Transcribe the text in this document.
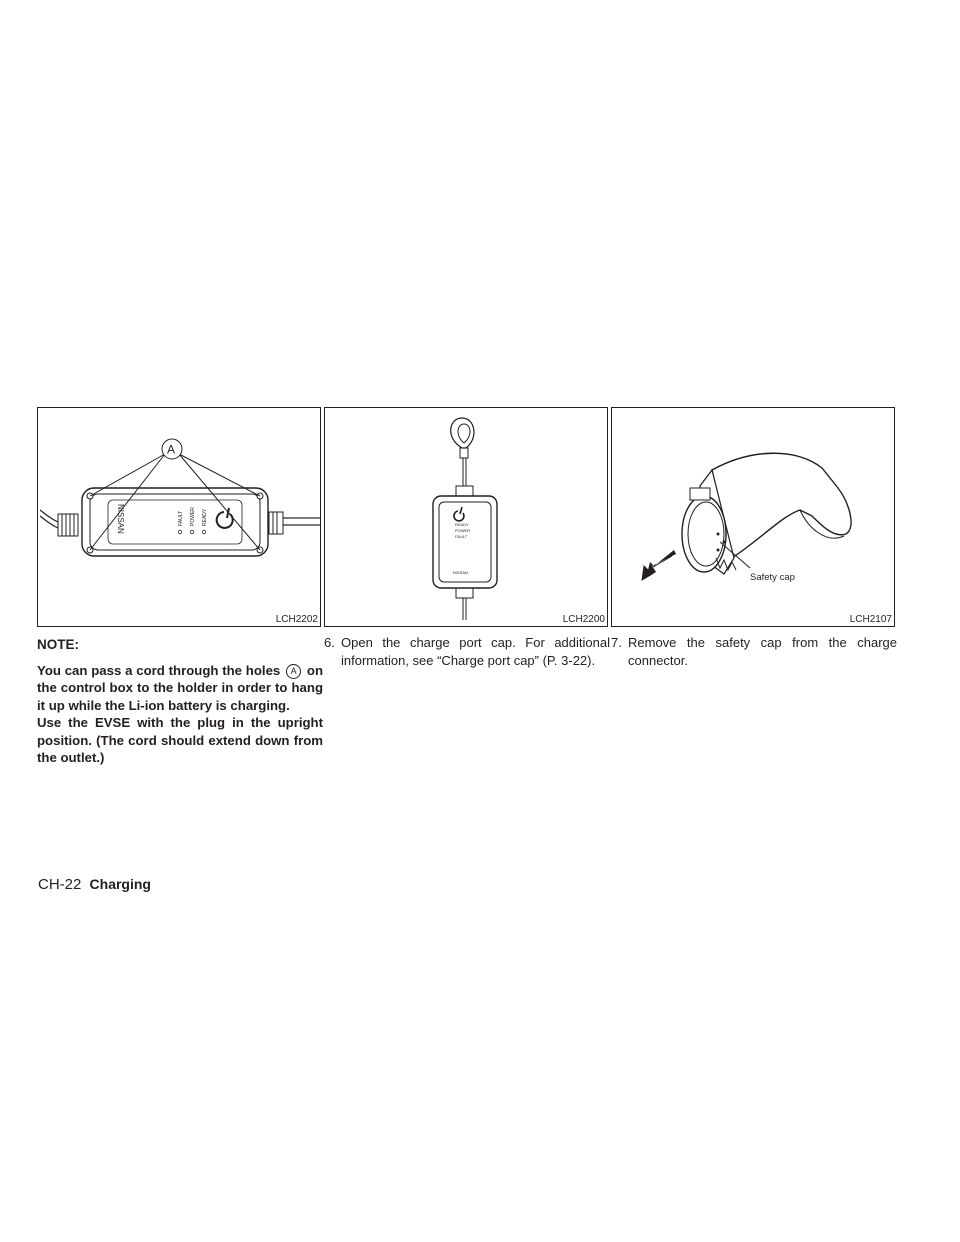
FAULT POWER READY
NISSAN
A
LCH2202
READY
POWER
FAULT
NISSAN
LCH2200
Safety cap
LCH2107
NOTE:
You can pass a cord through the holes A on the control box to the holder in order to hang it up while the Li-ion battery is charging.
Use the EVSE with the plug in the upright position. (The cord should extend down from the outlet.)
6. Open the charge port cap. For additional information, see “Charge port cap” (P. 3-22).
7. Remove the safety cap from the charge connector.
CH-22 Charging
